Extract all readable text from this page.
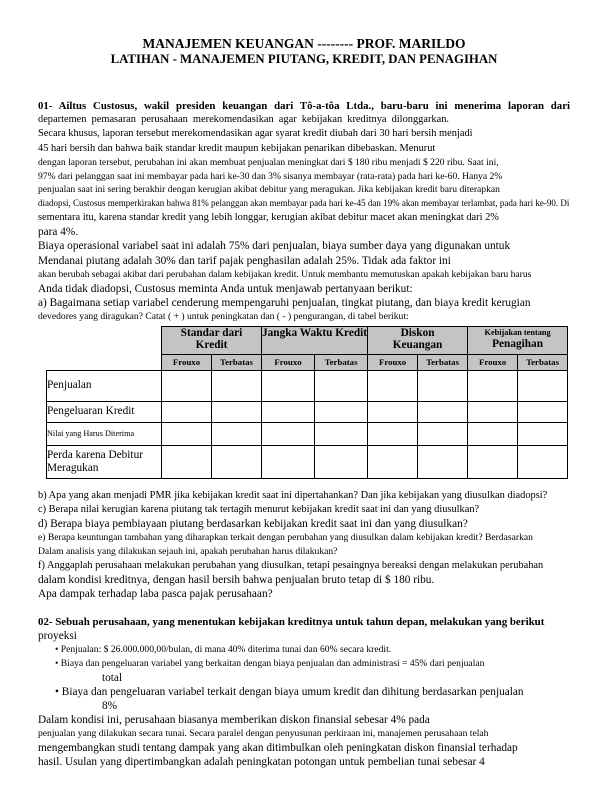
MANAJEMEN KEUANGAN -------- PROF. MARILDO
LATIHAN - MANAJEMEN PIUTANG, KREDIT, DAN PENAGIHAN
01- Ailtus Custosus, wakil presiden keuangan dari Tô-a-tôa Ltda., baru-baru ini menerima laporan dari
departemen pemasaran perusahaan merekomendasikan agar kebijakan kreditnya dilonggarkan.
Secara khusus, laporan tersebut merekomendasikan agar syarat kredit diubah dari 30 hari bersih menjadi
45 hari bersih dan bahwa baik standar kredit maupun kebijakan penarikan dibebaskan. Menurut
dengan laporan tersebut, perubahan ini akan membuat penjualan meningkat dari $ 180 ribu menjadi $ 220 ribu. Saat ini,
97% dari pelanggan saat ini membayar pada hari ke-30 dan 3% sisanya membayar (rata-rata) pada hari ke-60. Hanya 2%
penjualan saat ini sering berakhir dengan kerugian akibat debitur yang meragukan. Jika kebijakan kredit baru diterapkan
diadopsi, Custosus memperkirakan bahwa 81% pelanggan akan membayar pada hari ke-45 dan 19% akan membayar terlambat, pada hari ke-90. Di
sementara itu, karena standar kredit yang lebih longgar, kerugian akibat debitur macet akan meningkat dari 2%
para 4%.
Biaya operasional variabel saat ini adalah 75% dari penjualan, biaya sumber daya yang digunakan untuk
Mendanai piutang adalah 30% dan tarif pajak penghasilan adalah 25%. Tidak ada faktor ini
akan berubah sebagai akibat dari perubahan dalam kebijakan kredit. Untuk membantu memutuskan apakah kebijakan baru harus
Anda tidak diadopsi, Custosus meminta Anda untuk menjawab pertanyaan berikut:
a) Bagaimana setiap variabel cenderung mempengaruhi penjualan, tingkat piutang, dan biaya kredit kerugian
devedores yang diragukan? Catat ( + ) untuk peningkatan dan ( - ) pengurangan, di tabel berikut:

	Standar dari Kredit		Jangka Waktu Kredit		Diskon Keuangan		Kebijakan tentang
Penagihan	

	Frouxo	Terbatas	Frouxo	Terbatas	Frouxo	Terbatas	Frouxo	Terbatas
Penjualan								
Pengeluaran Kredit								
Nilai yang Harus Diterima								

Perda karena Debitur Meragukan								

b) Apa yang akan menjadi PMR jika kebijakan kredit saat ini dipertahankan? Dan jika kebijakan yang diusulkan diadopsi?
c) Berapa nilai kerugian karena piutang tak tertagih menurut kebijakan kredit saat ini dan yang diusulkan?
d) Berapa biaya pembiayaan piutang berdasarkan kebijakan kredit saat ini dan yang diusulkan?
e) Berapa keuntungan tambahan yang diharapkan terkait dengan perubahan yang diusulkan dalam kebijakan kredit? Berdasarkan
Dalam analisis yang dilakukan sejauh ini, apakah perubahan harus dilakukan?
f) Anggaplah perusahaan melakukan perubahan yang diusulkan, tetapi pesaingnya bereaksi dengan melakukan perubahan
dalam kondisi kreditnya, dengan hasil bersih bahwa penjualan bruto tetap di $ 180 ribu.
Apa dampak terhadap laba pasca pajak perusahaan?
02- Sebuah perusahaan, yang menentukan kebijakan kreditnya untuk tahun depan, melakukan yang berikut
proyeksi
• Penjualan: $ 26.000.000,00/bulan, di mana 40% diterima tunai dan 60% secara kredit.
• Biaya dan pengeluaran variabel yang berkaitan dengan biaya penjualan dan administrasi = 45% dari penjualan
total
• Biaya dan pengeluaran variabel terkait dengan biaya umum kredit dan dihitung berdasarkan penjualan
8%
Dalam kondisi ini, perusahaan biasanya memberikan diskon finansial sebesar 4% pada
penjualan yang dilakukan secara tunai. Secara paralel dengan penyusunan perkiraan ini, manajemen perusahaan telah
mengembangkan studi tentang dampak yang akan ditimbulkan oleh peningkatan diskon finansial terhadap
hasil. Usulan yang dipertimbangkan adalah peningkatan potongan untuk pembelian tunai sebesar 4
